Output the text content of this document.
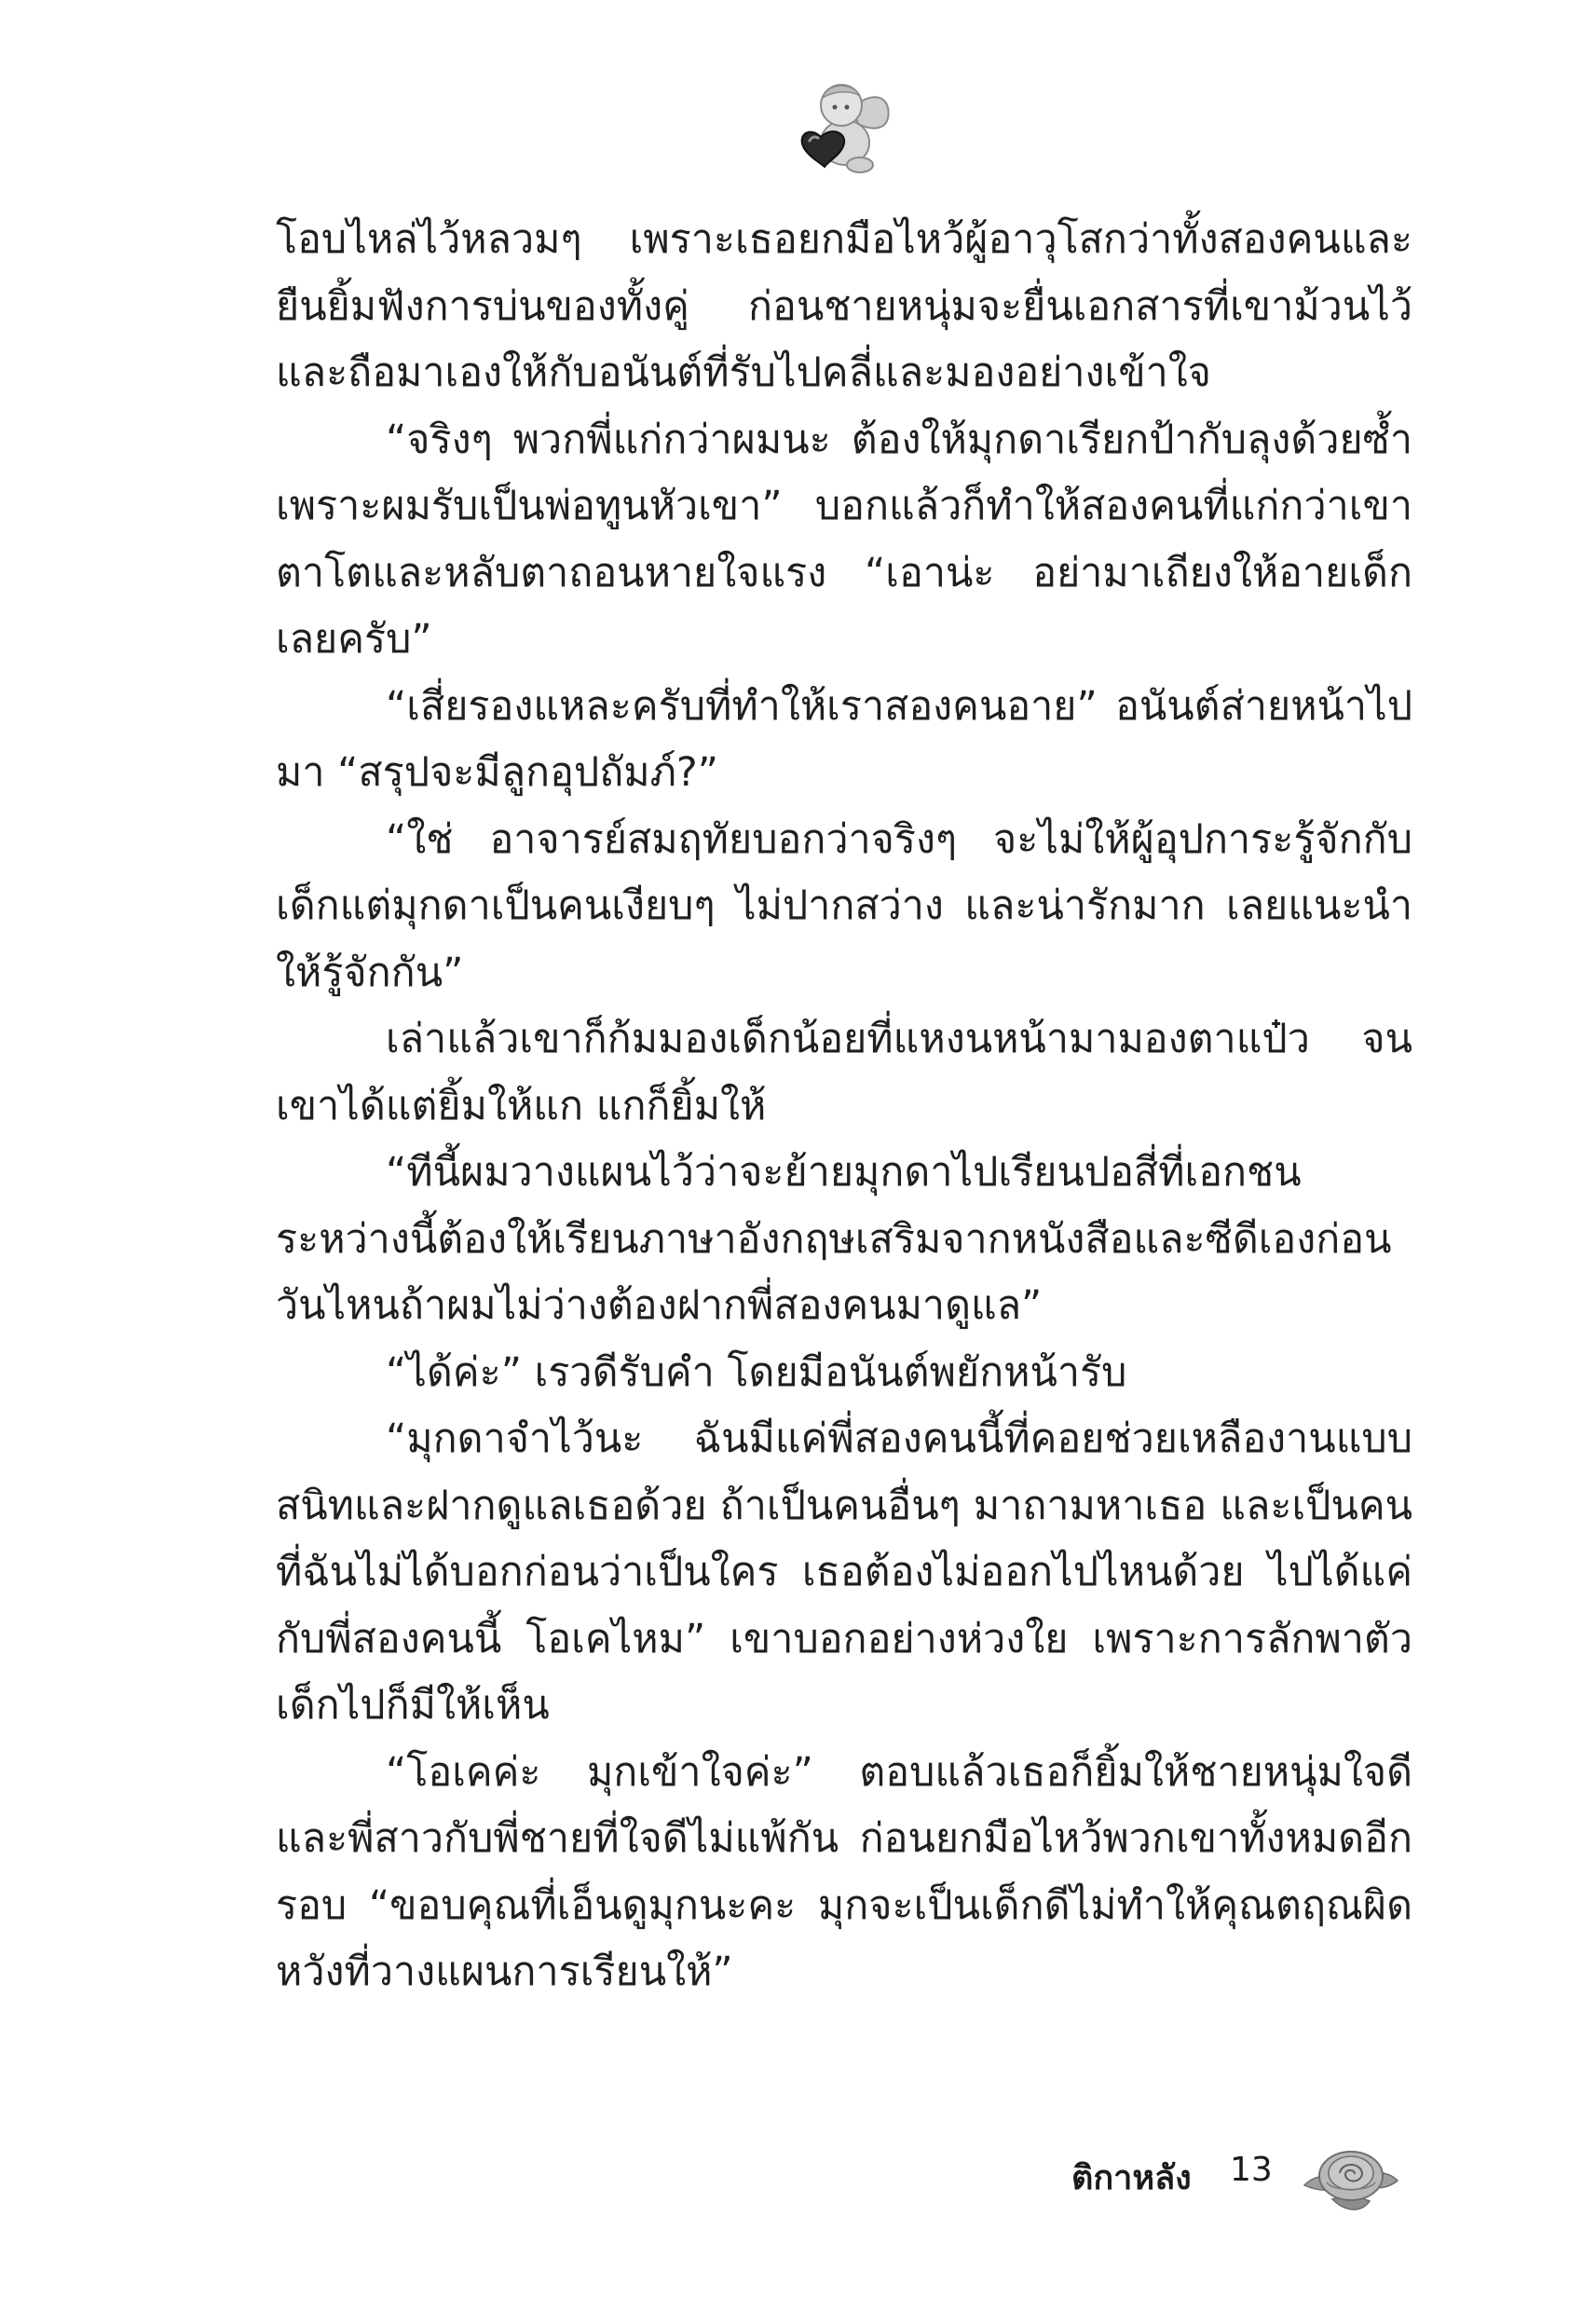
โอบไหล่ไว้หลวมๆ เพราะเธอยกมือไหว้ผู้อาวุโสกว่าทั้งสองคนและยืนยิ้มฟังการบ่นของทั้งคู่ ก่อนชายหนุ่มจะยื่นเอกสารที่เขาม้วนไว้และถือมาเองให้กับอนันต์ที่รับไปคลี่และมองอย่างเข้าใจ

“จริงๆ พวกพี่แก่กว่าผมนะ ต้องให้มุกดาเรียกป้ากับลุงด้วยซ้ำเพราะผมรับเป็นพ่อทูนหัวเขา” บอกแล้วก็ทำให้สองคนที่แก่กว่าเขาตาโตและหลับตาถอนหายใจแรง “เอาน่ะ อย่ามาเถียงให้อายเด็กเลยครับ”

“เสี่ยรองแหละครับที่ทำให้เราสองคนอาย” อนันต์ส่ายหน้าไปมา “สรุปจะมีลูกอุปถัมภ์?”

“ใช่ อาจารย์สมฤทัยบอกว่าจริงๆ จะไม่ให้ผู้อุปการะรู้จักกับเด็กแต่มุกดาเป็นคนเงียบๆ ไม่ปากสว่าง และน่ารักมาก เลยแนะนำให้รู้จักกัน”

เล่าแล้วเขาก็ก้มมองเด็กน้อยที่แหงนหน้ามามองตาแป๋ว จนเขาได้แต่ยิ้มให้แก แกก็ยิ้มให้

“ทีนี้ผมวางแผนไว้ว่าจะย้ายมุกดาไปเรียนปอสี่ที่เอกชน ระหว่างนี้ต้องให้เรียนภาษาอังกฤษเสริมจากหนังสือและซีดีเองก่อน วันไหนถ้าผมไม่ว่างต้องฝากพี่สองคนมาดูแล”

“ได้ค่ะ” เรวดีรับคำ โดยมีอนันต์พยักหน้ารับ

“มุกดาจำไว้นะ ฉันมีแค่พี่สองคนนี้ที่คอยช่วยเหลืองานแบบสนิทและฝากดูแลเธอด้วย ถ้าเป็นคนอื่นๆ มาถามหาเธอ และเป็นคนที่ฉันไม่ได้บอกก่อนว่าเป็นใคร เธอต้องไม่ออกไปไหนด้วย ไปได้แค่กับพี่สองคนนี้ โอเคไหม” เขาบอกอย่างห่วงใย เพราะการลักพาตัวเด็กไปก็มีให้เห็น

“โอเคค่ะ มุกเข้าใจค่ะ” ตอบแล้วเธอก็ยิ้มให้ชายหนุ่มใจดี และพี่สาวกับพี่ชายที่ใจดีไม่แพ้กัน ก่อนยกมือไหว้พวกเขาทั้งหมดอีกรอบ “ขอบคุณที่เอ็นดูมุกนะคะ มุกจะเป็นเด็กดีไม่ทำให้คุณตฤณผิดหวังที่วางแผนการเรียนให้”

ติกาหลัง 13
